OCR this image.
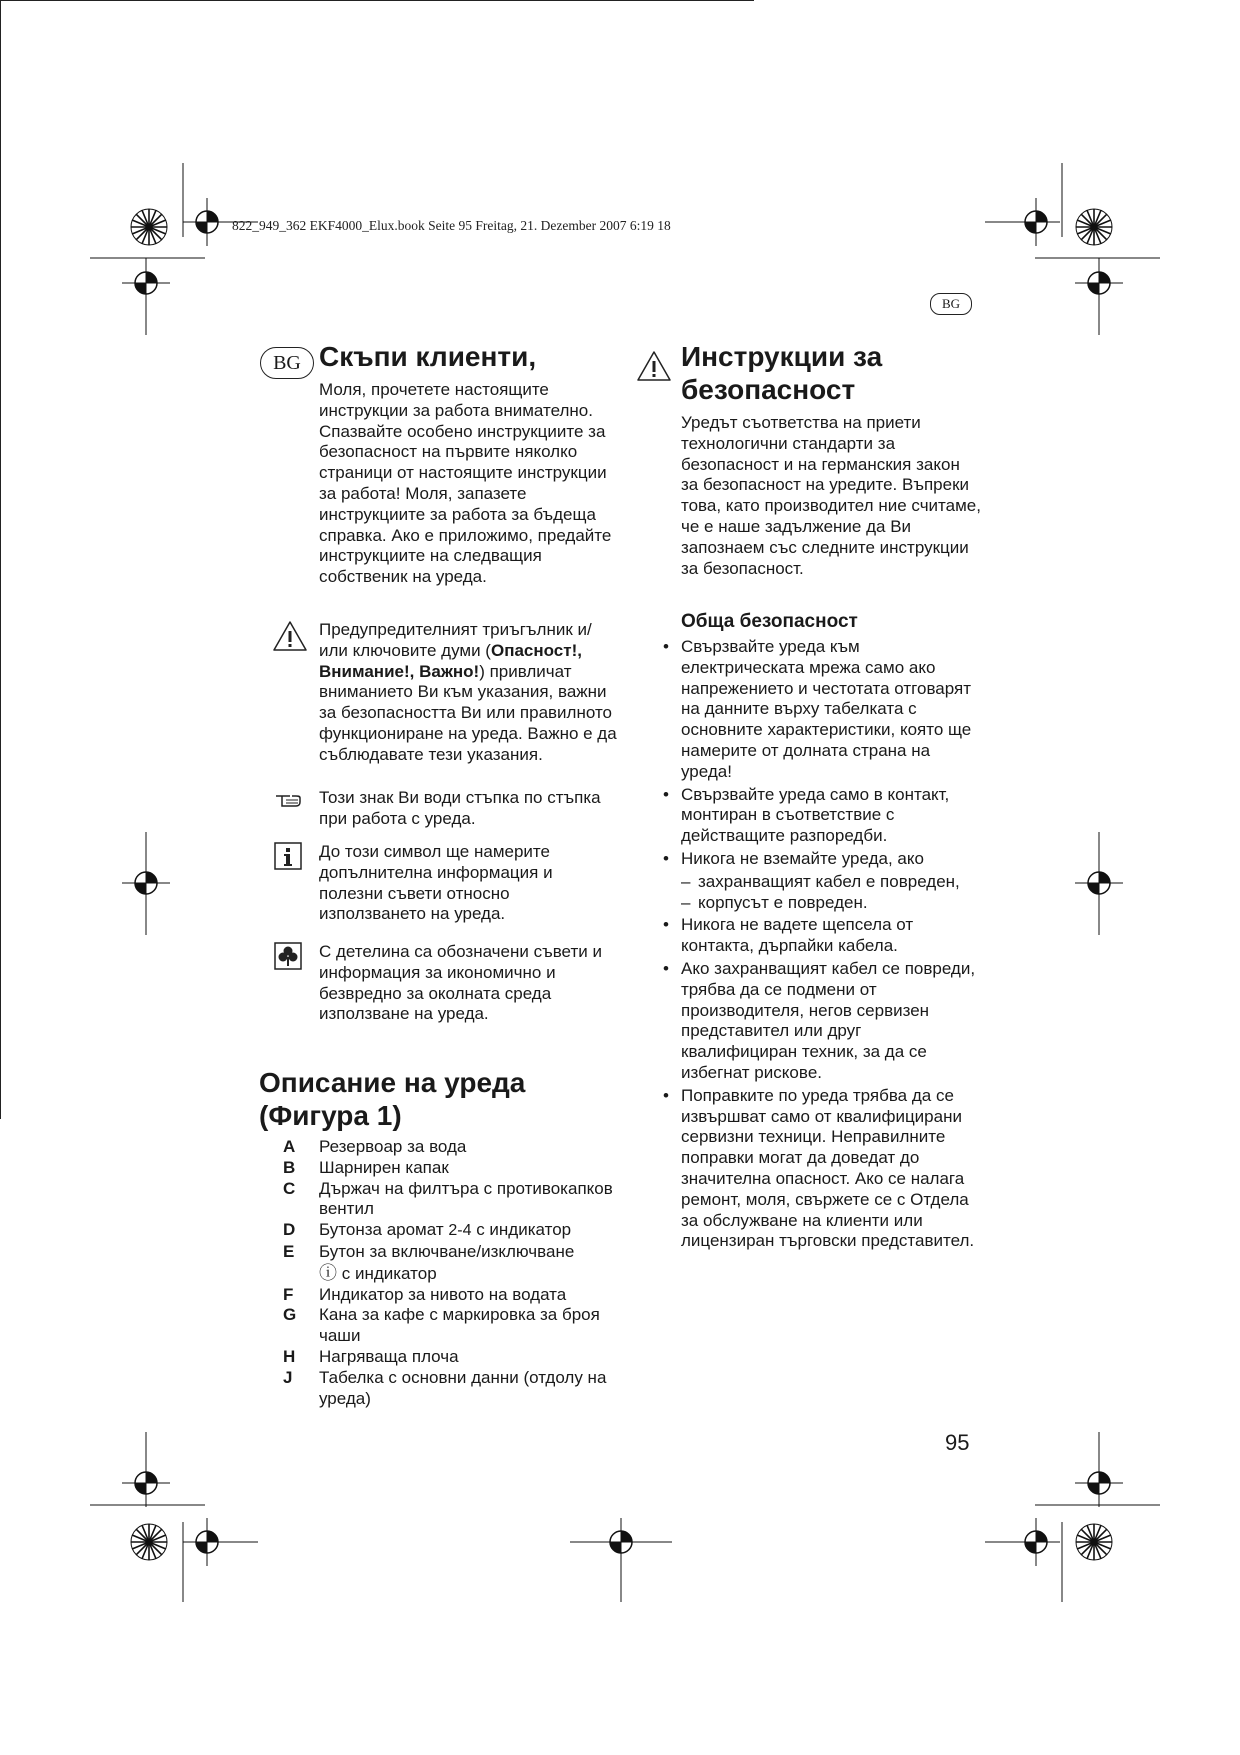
822_949_362 EKF4000_Elux.book Seite 95 Freitag, 21. Dezember 2007 6:19 18
BG
BG Скъпи клиенти,
Моля, прочетете настоящите инструкции за работа внимателно. Спазвайте особено инструкциите за безопасност на първите няколко страници от настоящите инструкции за работа! Моля, запазете инструкциите за работа за бъдеща справка. Ако е приложимо, предайте инструкциите на следващия собственик на уреда.
Предупредителният триъгълник и/или ключовите думи (Опасност!, Внимание!, Важно!) привличат вниманието Ви към указания, важни за безопасността Ви или правилното функциониране на уреда. Важно е да съблюдавате тези указания.
Този знак Ви води стъпка по стъпка при работа с уреда.
До този символ ще намерите допълнителна информация и полезни съвети относно използването на уреда.
С детелина са обозначени съвети и информация за икономично и безвредно за околната среда използване на уреда.
Описание на уреда
(Фигура 1)
A	Резервоар за вода
B	Шарнирен капак
C	Държач на филтъра с противокапков вентил
D	Бутонза аромат 2-4 с индикатор
E	Бутон за включване/изключване
ⓘ с индикатор
F	Индикатор за нивото на водата
G	Кана за кафе с маркировка за броя чаши
H	Нагряваща плоча
J	Табелка с основни данни (отдолу на уреда)
Инструкции за
безопасност
Уредът съответства на приети технологични стандарти за безопасност и на германския закон за безопасност на уредите. Въпреки това, като производител ние считаме, че е наше задължение да Ви запознаем със следните инструкции за безопасност.
Обща безопасност
• Свързвайте уреда към електрическата мрежа само ако напрежението и честотата отговарят на данните върху табелката с основните характеристики, която ще намерите от долната страна на уреда!
• Свързвайте уреда само в контакт, монтиран в съответствие с действащите разпоредби.
• Никога не вземайте уреда, ако
– захранващият кабел е повреден,
– корпусът е повреден.
• Никога не вадете щепсела от контакта, дърпайки кабела.
• Ако захранващият кабел се повреди, трябва да се подмени от производителя, негов сервизен представител или друг квалифициран техник, за да се избегнат рисковe.
• Поправките по уреда трябва да се извършват само от квалифицирани сервизни техници. Неправилните поправки могат да доведат до значителна опасност. Ако се налага ремонт, моля, свържете се с Отдела за обслужване на клиенти или лицензиран търговски представител.
95
